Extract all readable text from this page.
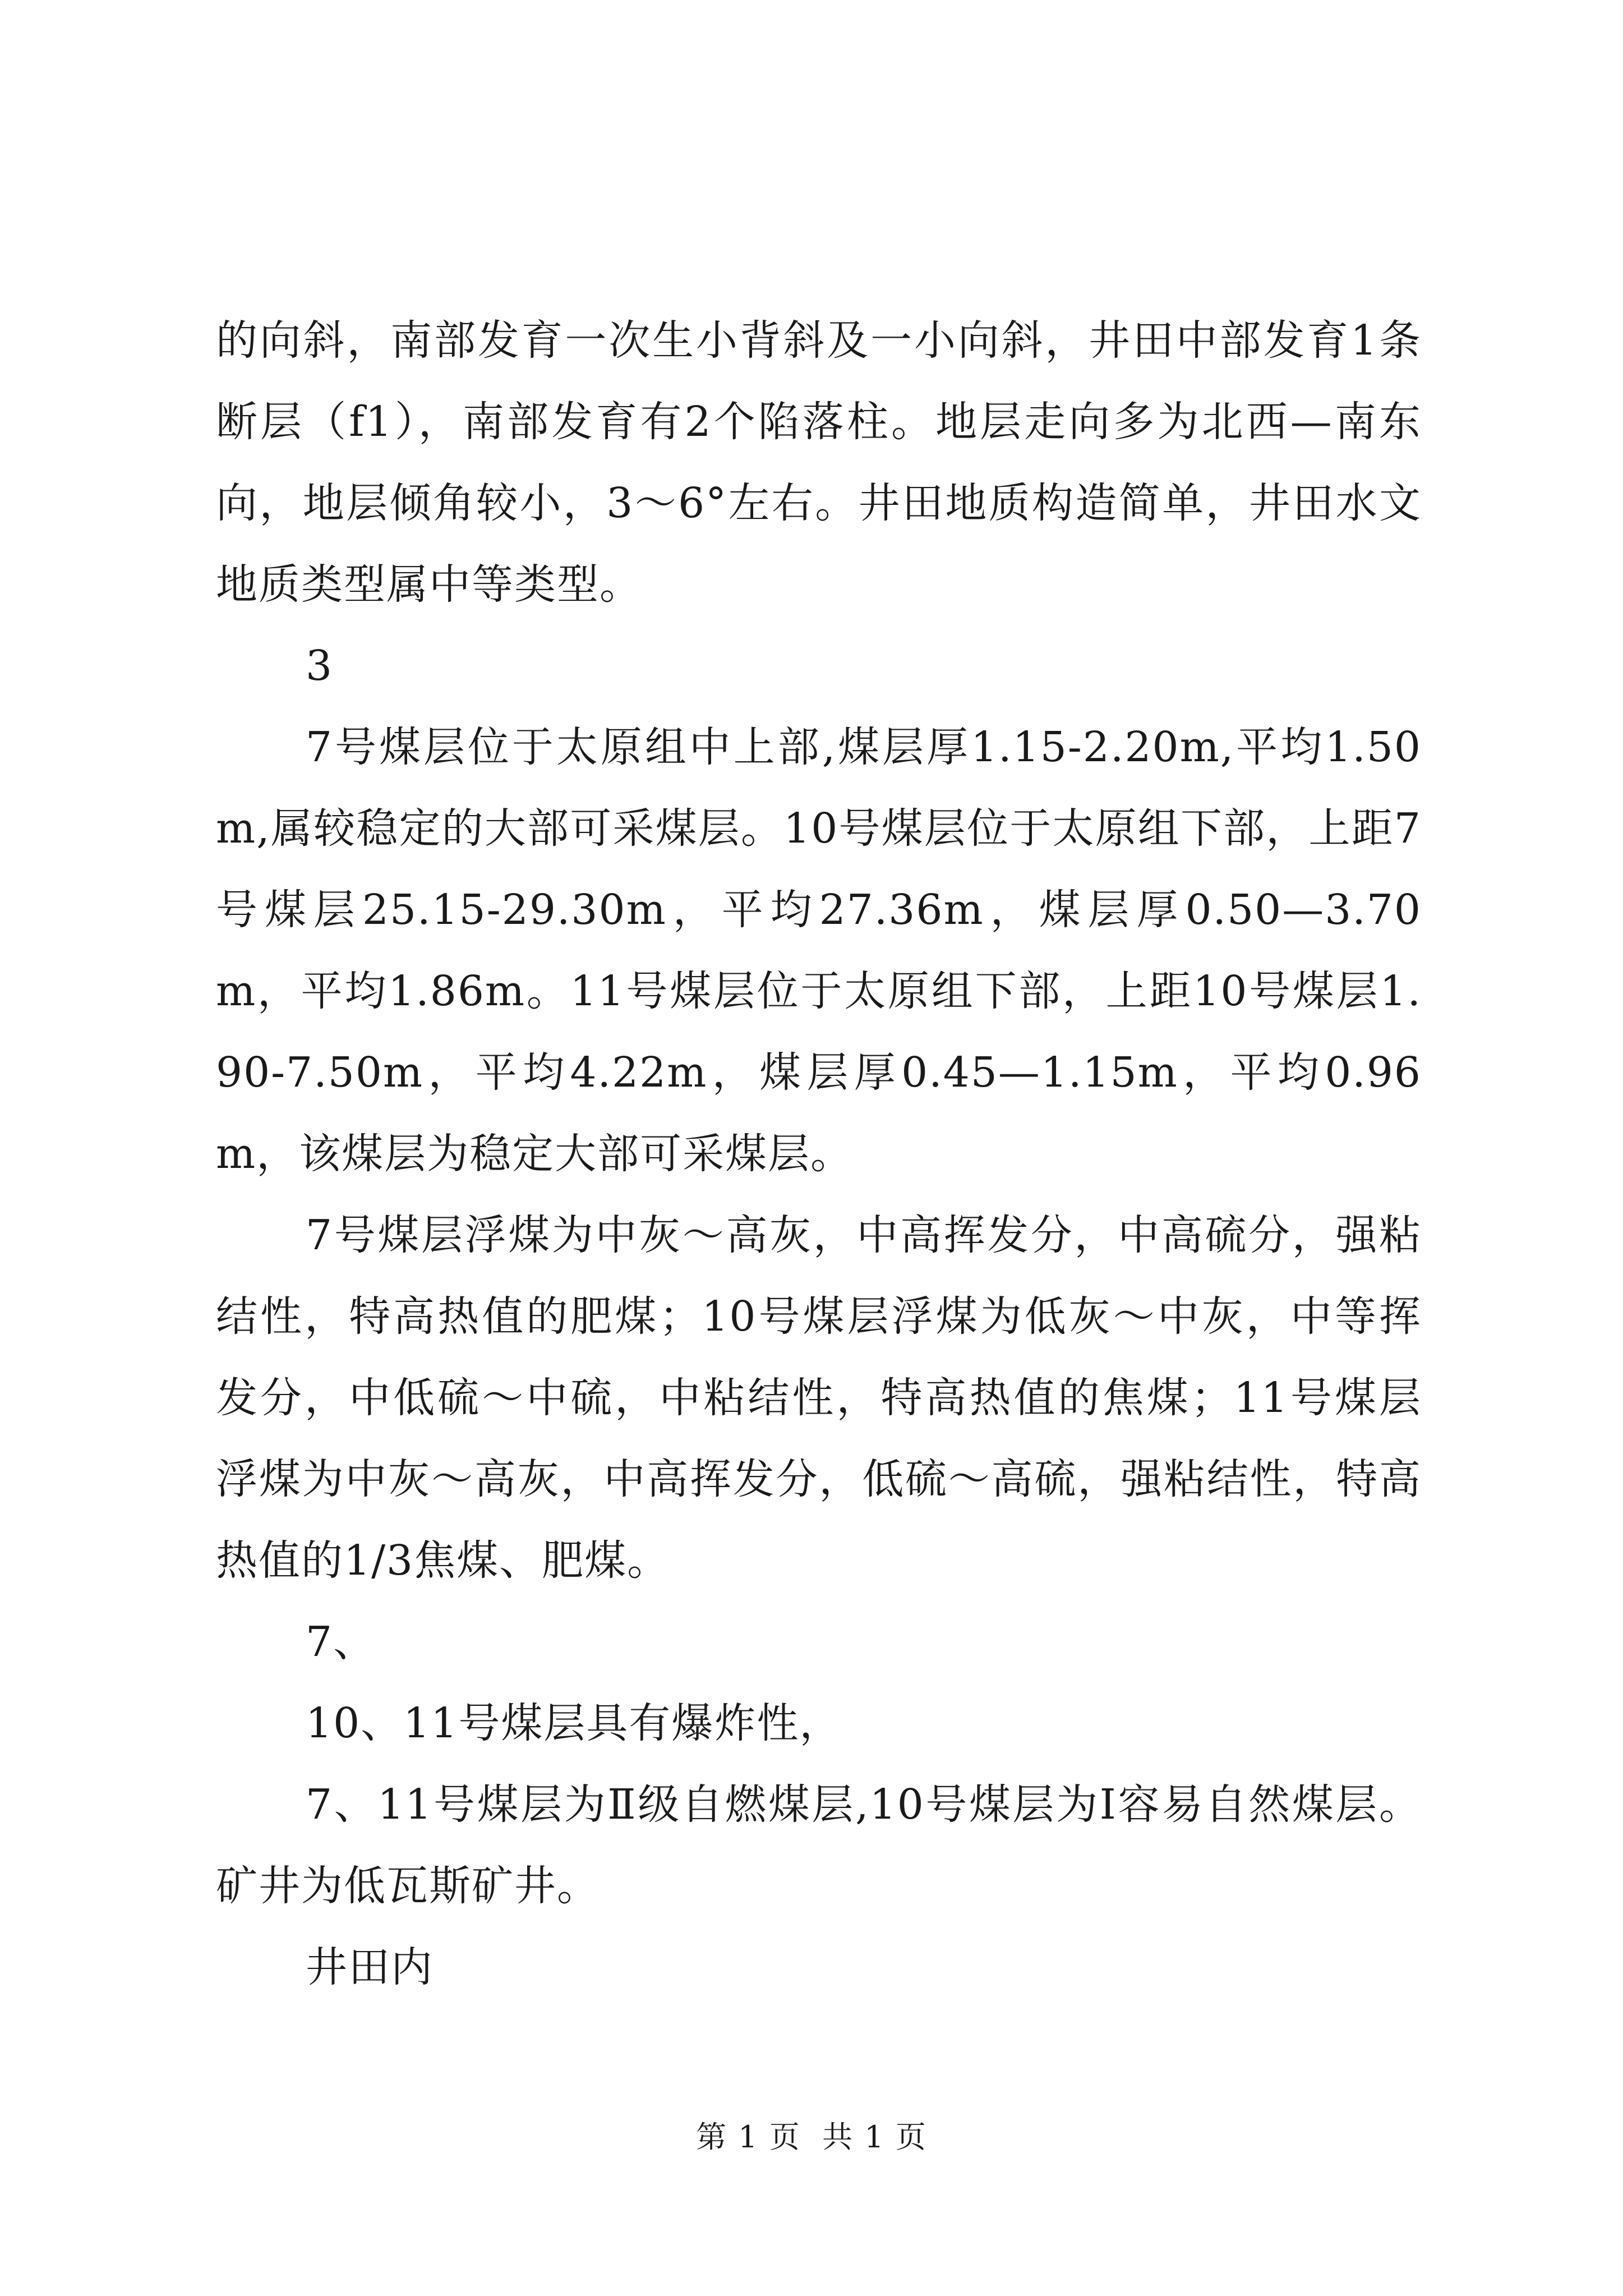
的向斜，南部发育一次生小背斜及一小向斜，井田中部发育1条断层（f1），南部发育有2个陷落柱。地层走向多为北西—南东向，地层倾角较小，3～6°左右。井田地质构造简单，井田水文地质类型属中等类型。

3

7号煤层位于太原组中上部,煤层厚1.15-2.20m,平均1.50m,属较稳定的大部可采煤层。10号煤层位于太原组下部，上距7号煤层25.15-29.30m，平均27.36m，煤层厚0.50—3.70m，平均1.86m。11号煤层位于太原组下部，上距10号煤层1.90-7.50m，平均4.22m，煤层厚0.45—1.15m，平均0.96m，该煤层为稳定大部可采煤层。

7号煤层浮煤为中灰～高灰，中高挥发分，中高硫分，强粘结性，特高热值的肥煤；10号煤层浮煤为低灰～中灰，中等挥发分，中低硫～中硫，中粘结性，特高热值的焦煤；11号煤层浮煤为中灰～高灰，中高挥发分，低硫～高硫，强粘结性，特高热值的1/3焦煤、肥煤。

7、

10、11号煤层具有爆炸性，

7、11号煤层为Ⅱ级自燃煤层,10号煤层为Ⅰ容易自然煤层。矿井为低瓦斯矿井。

井田内

第 1 页  共 1 页
